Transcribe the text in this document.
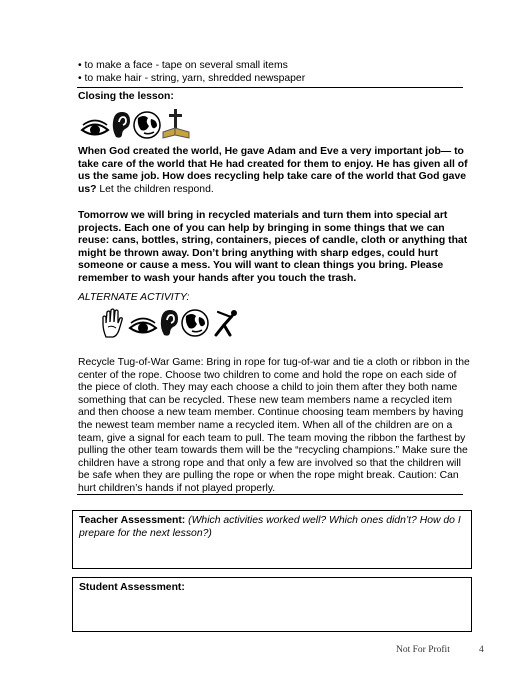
• to make a face - tape on several small items
• to make hair - string, yarn, shredded newspaper
Closing the lesson:
When God created the world, He gave Adam and Eve a very important job— to take care of the world that He had created for them to enjoy. He has given all of us the same job. How does recycling help take care of the world that God gave us? Let the children respond.
Tomorrow we will bring in recycled materials and turn them into special art projects. Each one of you can help by bringing in some things that we can reuse: cans, bottles, string, containers, pieces of candle, cloth or anything that might be thrown away. Don’t bring anything with sharp edges, could hurt someone or cause a mess. You will want to clean things you bring. Please remember to wash your hands after you touch the trash.
ALTERNATE ACTIVITY:
Recycle Tug-of-War Game: Bring in rope for tug-of-war and tie a cloth or ribbon in the center of the rope. Choose two children to come and hold the rope on each side of the piece of cloth. They may each choose a child to join them after they both name something that can be recycled. These new team members name a recycled item and then choose a new team member. Continue choosing team members by having the newest team member name a recycled item. When all of the children are on a team, give a signal for each team to pull. The team moving the ribbon the farthest by pulling the other team towards them will be the “recycling champions.” Make sure the children have a strong rope and that only a few are involved so that the children will be safe when they are pulling the rope or when the rope might break. Caution: Can hurt children’s hands if not played properly.
Teacher Assessment: (Which activities worked well? Which ones didn’t? How do I prepare for the next lesson?)
Student Assessment:
Not For Profit	4
